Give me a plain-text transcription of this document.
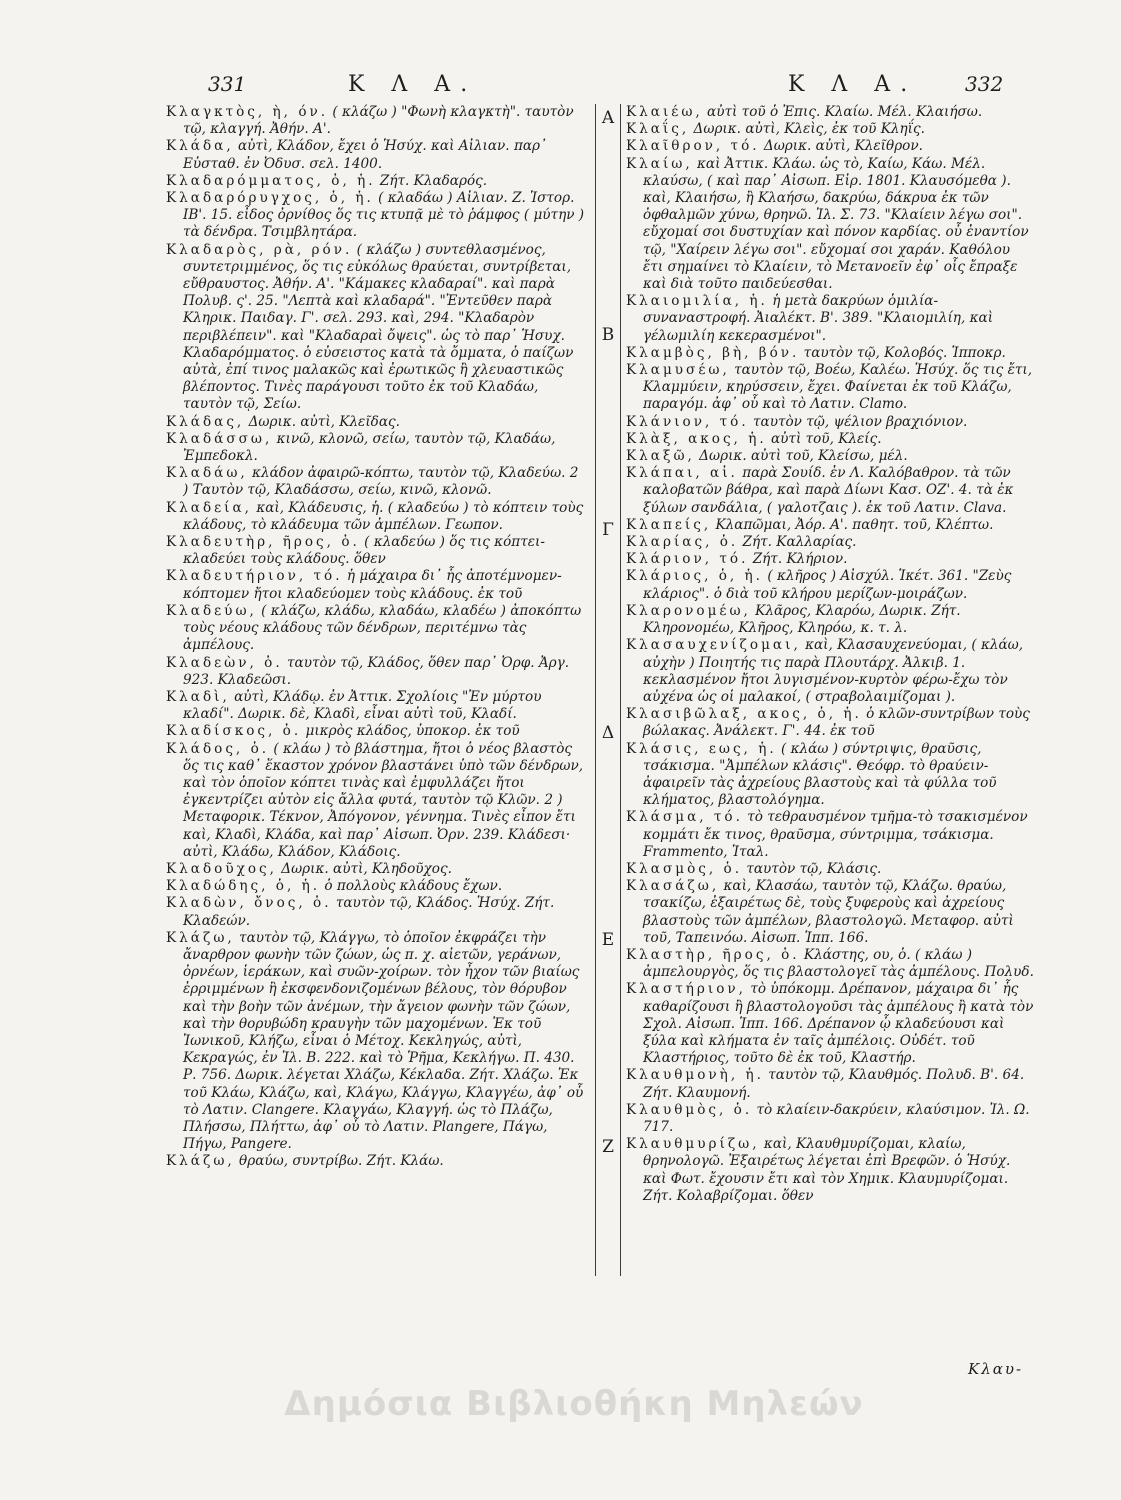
331	Κ Λ Α.	Κ Λ Α. 332

Κλαγκτὸς, ὴ, όν. ( κλάζω ) "Φωνὴ κλαγκτὴ". ταυτὸν τῷ, κλαγγή. Ἀθήν. Α'.

Κλάδα, αὐτὶ, Κλάδον, ἔχει ὁ Ἡσύχ. καὶ Αἰλιαν. παρ᾽ Εὐσταθ. ἐν Ὀδυσ. σελ. 1400.

Κλαδαρόμματος, ὁ, ἡ. Ζήτ. Κλαδαρός.

Κλαδαρόρυγχος, ὁ, ἡ. ( κλαδάω ) Αἰλιαν. Ζ. Ἱστορ. ΙΒ'. 15. εἶδος ὀρνίθος ὅς τις κτυπᾷ μὲ τὸ ῥάμφος ( μύτην ) τὰ δένδρα. Τσιμβλητάρα.

Κλαδαρὸς, ρὰ, ρόν. ( κλάζω ) συντεθλασμένος, συντετριμμένος, ὅς τις εὐκόλως θραύεται, συντρίβεται, εὔθραυστος. Ἀθήν. Α'. "Κάμακες κλαδαραί". καὶ παρὰ Πολυβ. ς'. 25. "Λεπτὰ καὶ κλαδαρά". "Ἐντεῦθεν παρὰ Κληρικ. Παιδαγ. Γ'. σελ. 293. καὶ, 294. "Κλαδαρὸν περιβλέπειν". καὶ "Κλαδαραὶ ὄψεις". ὡς τὸ παρ᾽ Ἡσυχ. Κλαδαρόμματος. ὁ εὐσειστος κατὰ τὰ ὄμματα, ὁ παίζων αὐτὰ, ἐπί τινος μαλακῶς καὶ ἐρωτικῶς ἢ χλευαστικῶς βλέποντος. Τινὲς παράγουσι τοῦτο ἐκ τοῦ Κλαδάω, ταυτὸν τῷ, Σείω.

Κλάδας, Δωρικ. αὐτὶ, Κλεῖδας.

Κλαδάσσω, κινῶ, κλονῶ, σείω, ταυτὸν τῷ, Κλαδάω, Ἐμπεδοκλ.

Κλαδάω, κλάδον ἀφαιρῶ-κόπτω, ταυτὸν τῷ, Κλαδεύω. 2 ) Ταυτὸν τῷ, Κλαδάσσω, σείω, κινῶ, κλονῶ.

Κλαδεία, καὶ, Κλάδευσις, ἡ. ( κλαδεύω ) τὸ κόπτειν τοὺς κλάδους, τὸ κλάδευμα τῶν ἀμπέλων. Γεωπον.

Κλαδευτὴρ, ῆρος, ὁ. ( κλαδεύω ) ὅς τις κόπτει-κλαδεύει τοὺς κλάδους. ὅθεν

Κλαδευτήριον, τό. ἡ μάχαιρα δι᾽ ἧς ἀποτέμνομεν-κόπτομεν ἤτοι κλαδεύομεν τοὺς κλάδους. ἐκ τοῦ

Κλαδεύω, ( κλάζω, κλάδω, κλαδάω, κλαδέω ) ἀποκόπτω τοὺς νέους κλάδους τῶν δένδρων, περιτέμνω τὰς ἀμπέλους.

Κλαδεὼν, ὁ. ταυτὸν τῷ, Κλάδος, ὅθεν παρ᾽ Ὀρφ. Ἀργ. 923. Κλαδεῶσι.

Κλαδὶ, αὐτὶ, Κλάδῳ. ἐν Ἀττικ. Σχολίοις "Ἐν μύρτου κλαδί". Δωρικ. δὲ, Κλαδὶ, εἶναι αὐτὶ τοῦ, Κλαδί.

Κλαδίσκος, ὁ. μικρὸς κλάδος, ὑποκορ. ἐκ τοῦ

Κλάδος, ὁ. ( κλάω ) τὸ βλάστημα, ἤτοι ὁ νέος βλαστὸς ὅς τις καθ᾽ ἕκαστον χρόνον βλαστάνει ὑπὸ τῶν δένδρων, καὶ τὸν ὁποῖον κόπτει τινὰς καὶ ἐμφυλλάζει ἤτοι ἐγκεντρίζει αὐτὸν εἰς ἄλλα φυτά, ταυτὸν τῷ Κλῶν. 2 ) Μεταφορικ. Τέκνον, Ἀπόγονον, γέννημα. Τινὲς εἶπον ἔτι καὶ, Κλαδὶ, Κλάδα, καὶ παρ᾽ Αἰσωπ. Ὀρν. 239. Κλάδεσι· αὐτὶ, Κλάδω, Κλάδον, Κλάδοις.

Κλαδοῦχος, Δωρικ. αὐτὶ, Κληδοῦχος.

Κλαδώδης, ὁ, ἡ. ὁ πολλοὺς κλάδους ἔχων.

Κλαδὼν, ὄνος, ὁ. ταυτὸν τῷ, Κλάδος. Ἡσύχ. Ζήτ. Κλαδεών.

Κλάζω, ταυτὸν τῷ, Κλάγγω, τὸ ὁποῖον ἐκφράζει τὴν ἄναρθρον φωνὴν τῶν ζώων, ὡς π. χ. αἰετῶν, γεράνων, ὀρνέων, ἱεράκων, καὶ συῶν-χοίρων. τὸν ἦχον τῶν βιαίως ἐρριμμένων ἢ ἐκσφενδονιζομένων βέλους, τὸν θόρυβον καὶ τὴν βοὴν τῶν ἀνέμων, τὴν ἄγειον φωνὴν τῶν ζώων, καὶ τὴν θορυβώδη κραυγὴν τῶν μαχομένων. Ἐκ τοῦ Ἰωνικοῦ, Κλήζω, εἶναι ὁ Μέτοχ. Κεκληγώς, αὐτὶ, Κεκραγώς, ἐν Ἰλ. Β. 222. καὶ τὸ Ῥῆμα, Κεκλήγω. Π. 430. Ρ. 756. Δωρικ. λέγεται Χλάζω, Κέκλαδα. Ζήτ. Χλάζω. Ἐκ τοῦ Κλάω, Κλάζω, καὶ, Κλάγω, Κλάγγω, Κλαγγέω, ἀφ᾽ οὗ τὸ Λατιν. Clangere. Κλαγγάω, Κλαγγή. ὡς τὸ Πλάζω, Πλήσσω, Πλήττω, ἀφ᾽ οὗ τὸ Λατιν. Plangere, Πάγω, Πήγω, Pangere.

Κλάζω, θραύω, συντρίβω. Ζήτ. Κλάω.

Α
Β
Γ
Δ
Ε
Ζ

Κλαιέω, αὐτὶ τοῦ ὁ Ἐπις. Κλαίω. Μέλ. Κλαιήσω.

Κλαΐς, Δωρικ. αὐτὶ, Κλεὶς, ἐκ τοῦ Κληΐς.

Κλαῖθρον, τό. Δωρικ. αὐτὶ, Κλεῖθρον.

Κλαίω, καὶ Ἀττικ. Κλάω. ὡς τὸ, Καίω, Κάω. Μέλ. κλαύσω, ( καὶ παρ᾽ Αἰσωπ. Εἰρ. 1801. Κλαυσόμεθα ). καὶ, Κλαιήσω, ἢ Κλαήσω, δακρύω, δάκρυα ἐκ τῶν ὀφθαλμῶν χύνω, θρηνῶ. Ἰλ. Σ. 73. "Κλαίειν λέγω σοι". εὔχομαί σοι δυστυχίαν καὶ πόνον καρδίας. οὗ ἐναντίον τῷ, "Χαίρειν λέγω σοι". εὔχομαί σοι χαράν. Καθόλου ἔτι σημαίνει τὸ Κλαίειν, τὸ Μετανοεῖν ἐφ᾽ οἷς ἔπραξε καὶ διὰ τοῦτο παιδεύεσθαι.

Κλαιομιλία, ἡ. ἡ μετὰ δακρύων ὁμιλία-συναναστροφή. Ἀιαλέκτ. Β'. 389. "Κλαιομιλίη, καὶ γέλωμιλίη κεκερασμένοι".

Κλαμβὸς, βὴ, βόν. ταυτὸν τῷ, Κολοβός. Ἱπποκρ.

Κλαμυσέω, ταυτὸν τῷ, Βοέω, Καλέω. Ἡσύχ. ὅς τις ἔτι, Κλαμμύειν, κηρύσσειν, ἔχει. Φαίνεται ἐκ τοῦ Κλάζω, παραγόμ. ἀφ᾽ οὗ καὶ τὸ Λατιν. Clamo.

Κλάνιον, τό. ταυτὸν τῷ, ψέλιον βραχιόνιον.

Κλὰξ, ακος, ἡ. αὐτὶ τοῦ, Κλείς.

Κλαξῶ, Δωρικ. αὐτὶ τοῦ, Κλείσω, μέλ.

Κλάπαι, αἱ. παρὰ Σουίδ. ἐν Λ. Καλόβαθρον. τὰ τῶν καλοβατῶν βάθρα, καὶ παρὰ Δίωνι Κασ. ΟΖ'. 4. τὰ ἐκ ξύλων σανδάλια, ( γαλοτζαις ). ἐκ τοῦ Λατιν. Clava.

Κλαπείς, Κλαπῶμαι, Ἀόρ. Α'. παθητ. τοῦ, Κλέπτω.

Κλαρίας, ὁ. Ζήτ. Καλλαρίας.

Κλάριον, τό. Ζήτ. Κλήριον.

Κλάριος, ὁ, ἡ. ( κλῆρος ) Αἰσχύλ. Ἱκέτ. 361. "Ζεὺς κλάριος". ὁ διὰ τοῦ κλήρου μερίζων-μοιράζων.

Κλαρονομέω, Κλᾶρος, Κλαρόω, Δωρικ. Ζήτ. Κληρονομέω, Κλῆρος, Κληρόω, κ. τ. λ.

Κλασαυχενίζομαι, καὶ, Κλασαυχενεύομαι, ( κλάω, αὐχὴν ) Ποιητής τις παρὰ Πλουτάρχ. Ἀλκιβ. 1. κεκλασμένον ἤτοι λυγισμένον-κυρτὸν φέρω-ἔχω τὸν αὐχένα ὡς οἱ μαλακοί, ( στραβολαιμίζομαι ).

Κλασιβῶλαξ, ακος, ὁ, ἡ. ὁ κλῶν-συντρίβων τοὺς βώλακας. Ἀνάλεκτ. Γ'. 44. ἐκ τοῦ

Κλάσις, εως, ἡ. ( κλάω ) σύντριψις, θραῦσις, τσάκισμα. "Ἀμπέλων κλάσις". Θεόφρ. τὸ θραύειν-ἀφαιρεῖν τὰς ἀχρείους βλαστοὺς καὶ τὰ φύλλα τοῦ κλήματος, βλαστολόγημα.

Κλάσμα, τό. τὸ τεθραυσμένον τμῆμα-τὸ τσακισμένον κομμάτι ἔκ τινος, θραῦσμα, σύντριμμα, τσάκισμα. Frammento, Ἰταλ.

Κλασμὸς, ὁ. ταυτὸν τῷ, Κλάσις.

Κλασάζω, καὶ, Κλασάω, ταυτὸν τῷ, Κλάζω. θραύω, τσακίζω, ἐξαιρέτως δὲ, τοὺς ξυφεροὺς καὶ ἀχρείους βλαστοὺς τῶν ἀμπέλων, βλαστολογῶ. Μεταφορ. αὐτὶ τοῦ, Ταπεινόω. Αἰσωπ. Ἱππ. 166.

Κλαστὴρ, ῆρος, ὁ. Κλάστης, ου, ὁ. ( κλάω ) ἀμπελουργὸς, ὅς τις βλαστολογεῖ τὰς ἀμπέλους. Πολυδ.

Κλαστήριον, τὸ ὑπόκομμ. Δρέπανον, μάχαιρα δι᾽ ἧς καθαρίζουσι ἢ βλαστολογοῦσι τὰς ἀμπέλους ἢ κατὰ τὸν Σχολ. Αἰσωπ. Ἱππ. 166. Δρέπανον ᾧ κλαδεύουσι καὶ ξύλα καὶ κλήματα ἐν ταῖς ἀμπέλοις. Οὐδέτ. τοῦ Κλαστήριος, τοῦτο δὲ ἐκ τοῦ, Κλαστήρ.

Κλαυθμονὴ, ἡ. ταυτὸν τῷ, Κλαυθμός. Πολυδ. Β'. 64. Ζήτ. Κλαυμονή.

Κλαυθμὸς, ὁ. τὸ κλαίειν-δακρύειν, κλαύσιμον. Ἰλ. Ω. 717.

Κλαυθμυρίζω, καὶ, Κλαυθμυρίζομαι, κλαίω, θρηνολογῶ. Ἐξαιρέτως λέγεται ἐπὶ Βρεφῶν. ὁ Ἡσύχ. καὶ Φωτ. ἔχουσιν ἔτι καὶ τὸν Χημικ. Κλαυμυρίζομαι. Ζήτ. Κολαβρίζομαι. ὅθεν

Κλαυ-
Δημόσια Βιβλιοθήκη Μηλεών
